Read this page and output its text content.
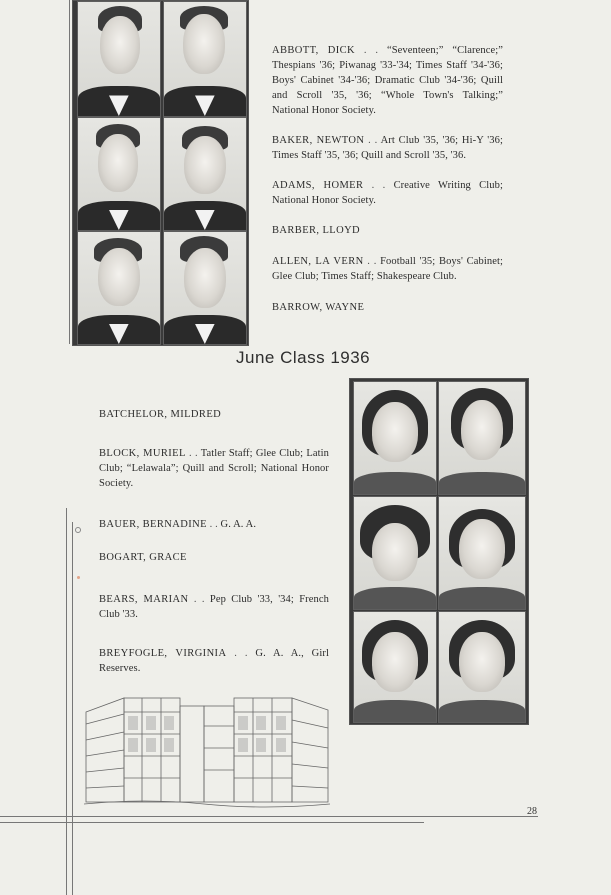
ABBOTT, DICK . . “Seventeen;” “Clarence;” Thespians '36; Piwanag '33-'34; Times Staff '34-'36; Boys' Cabinet '34-'36; Dramatic Club '34-'36; Quill and Scroll '35, '36; “Whole Town's Talking;” National Honor Society.
BAKER, NEWTON . . Art Club '35, '36; Hi-Y '36; Times Staff '35, '36; Quill and Scroll '35, '36.
ADAMS, HOMER . . Creative Writing Club; National Honor Society.
BARBER, LLOYD
ALLEN, LA VERN . . Football '35; Boys' Cabinet; Glee Club; Times Staff; Shakespeare Club.
BARROW, WAYNE
June Class 1936
BATCHELOR, MILDRED
BLOCK, MURIEL . . Tatler Staff; Glee Club; Latin Club; “Lelawala”; Quill and Scroll; National Honor Society.
BAUER, BERNADINE . . G. A. A.
BOGART, GRACE
BEARS, MARIAN . . Pep Club '33, '34; French Club '33.
BREYFOGLE, VIRGINIA . . G. A. A., Girl Reserves.
28
